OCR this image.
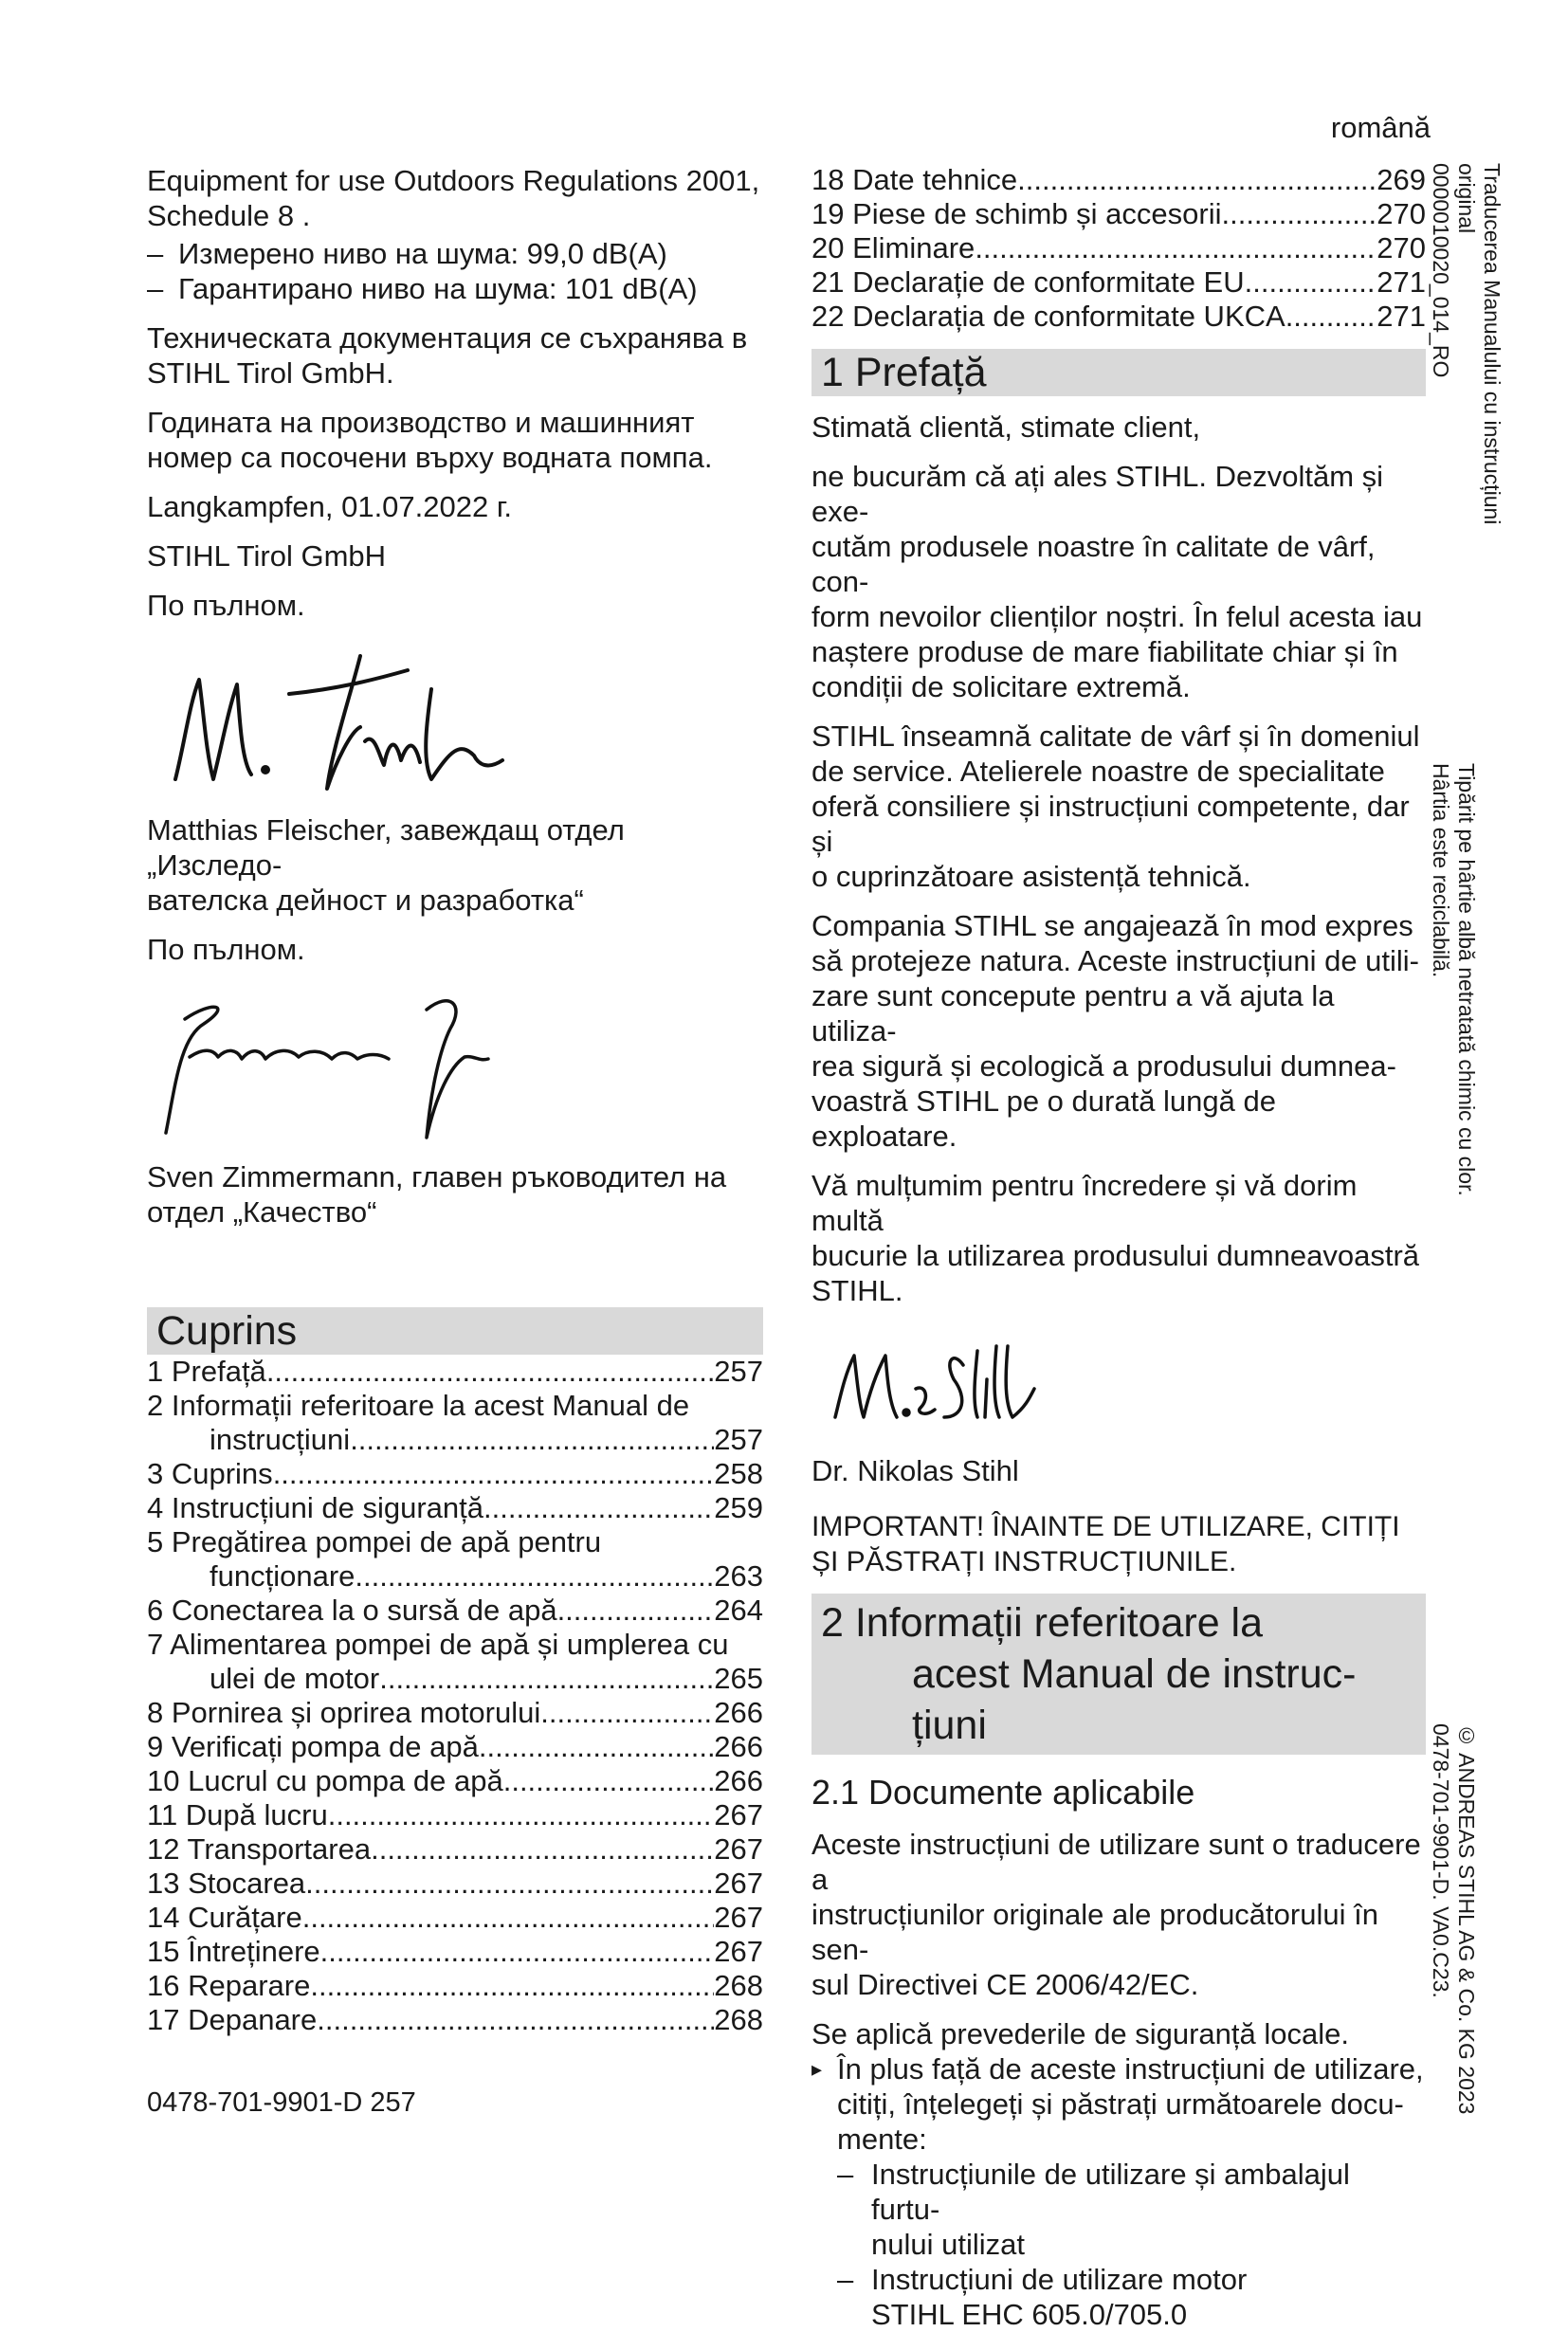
română
Equipment for use Outdoors Regulations 2001,
Schedule 8 .
– Измерено ниво на шума: 99,0 dB(A)
– Гарантирано ниво на шума: 101 dB(A)
Техническата документация се съхранява в
STIHL Tirol GmbH.
Годината на производство и машинният
номер са посочени върху водната помпа.

Langkampfen, 01.07.2022 г.

STIHL Tirol GmbH

По пълном.

Matthias Fleischer, завеждащ отдел „Изследо-
вателска дейност и разработка“

По пълном.

Sven Zimmermann, главен ръководител на
отдел „Качество“
Cuprins
1 Prefață .....	257
2 Informații referitoare la acest Manual de
instrucțiuni .....	257
3 Cuprins .....	258
4 Instrucțiuni de siguranță .....	259
5 Pregătirea pompei de apă pentru
funcționare .....	263
6 Conectarea la o sursă de apă .....	264
7 Alimentarea pompei de apă și umplerea cu
ulei de motor .....	265
8 Pornirea și oprirea motorului .....	266
9 Verificați pompa de apă .....	266
10 Lucrul cu pompa de apă .....	266
11 După lucru .....	267
12 Transportarea .....	267
13 Stocarea .....	267
14 Curățare .....	267
15 Întreținere .....	267
16 Reparare .....	268
17 Depanare .....	268
18 Date tehnice .....	269
19 Piese de schimb și accesorii .....	270
20 Eliminare .....	270
21 Declarație de conformitate EU .....	271
22 Declarația de conformitate UKCA .....	271
1 Prefață

Stimată clientă, stimate client,

ne bucurăm că ați ales STIHL. Dezvoltăm și exe-
cutăm produsele noastre în calitate de vârf, con-
form nevoilor clienților noștri. În felul acesta iau
naștere produse de mare fiabilitate chiar și în
condiții de solicitare extremă.
STIHL înseamnă calitate de vârf și în domeniul
de service. Atelierele noastre de specialitate
oferă consiliere și instrucțiuni competente, dar și
o cuprinzătoare asistență tehnică.
Compania STIHL se angajează în mod expres
să protejeze natura. Aceste instrucțiuni de utili-
zare sunt concepute pentru a vă ajuta la utiliza-
rea sigură și ecologică a produsului dumnea-
voastră STIHL pe o durată lungă de exploatare.
Vă mulțumim pentru încredere și vă dorim multă
bucurie la utilizarea produsului dumneavoastră
STIHL.

Dr. Nikolas Stihl

IMPORTANT! ÎNAINTE DE UTILIZARE, CITIȚI
ȘI PĂSTRAȚI INSTRUCȚIUNILE.
2 Informații referitoare la
acest Manual de instruc-
țiuni
2.1 Documente aplicabile
Aceste instrucțiuni de utilizare sunt o traducere a
instrucțiunilor originale ale producătorului în sen-
sul Directivei CE 2006/42/EC.

Se aplică prevederile de siguranță locale.

▸ În plus față de aceste instrucțiuni de utilizare,
citiți, înțelegeți și păstrați următoarele docu-
mente:
– Instrucțiunile de utilizare și ambalajul furtu-
nului utilizat
– Instrucțiuni de utilizare motor
STIHL EHC 605.0/705.0
Traducerea Manualului cu instrucțiuni original
0000010020_014_RO
Tipărit pe hârtie albă netratată chimic cu clor.
Hârtia este reciclabilă.
© ANDREAS STIHL AG & Co. KG 2023
0478-701-9901-D. VA0.C23.
0478-701-9901-D 257
